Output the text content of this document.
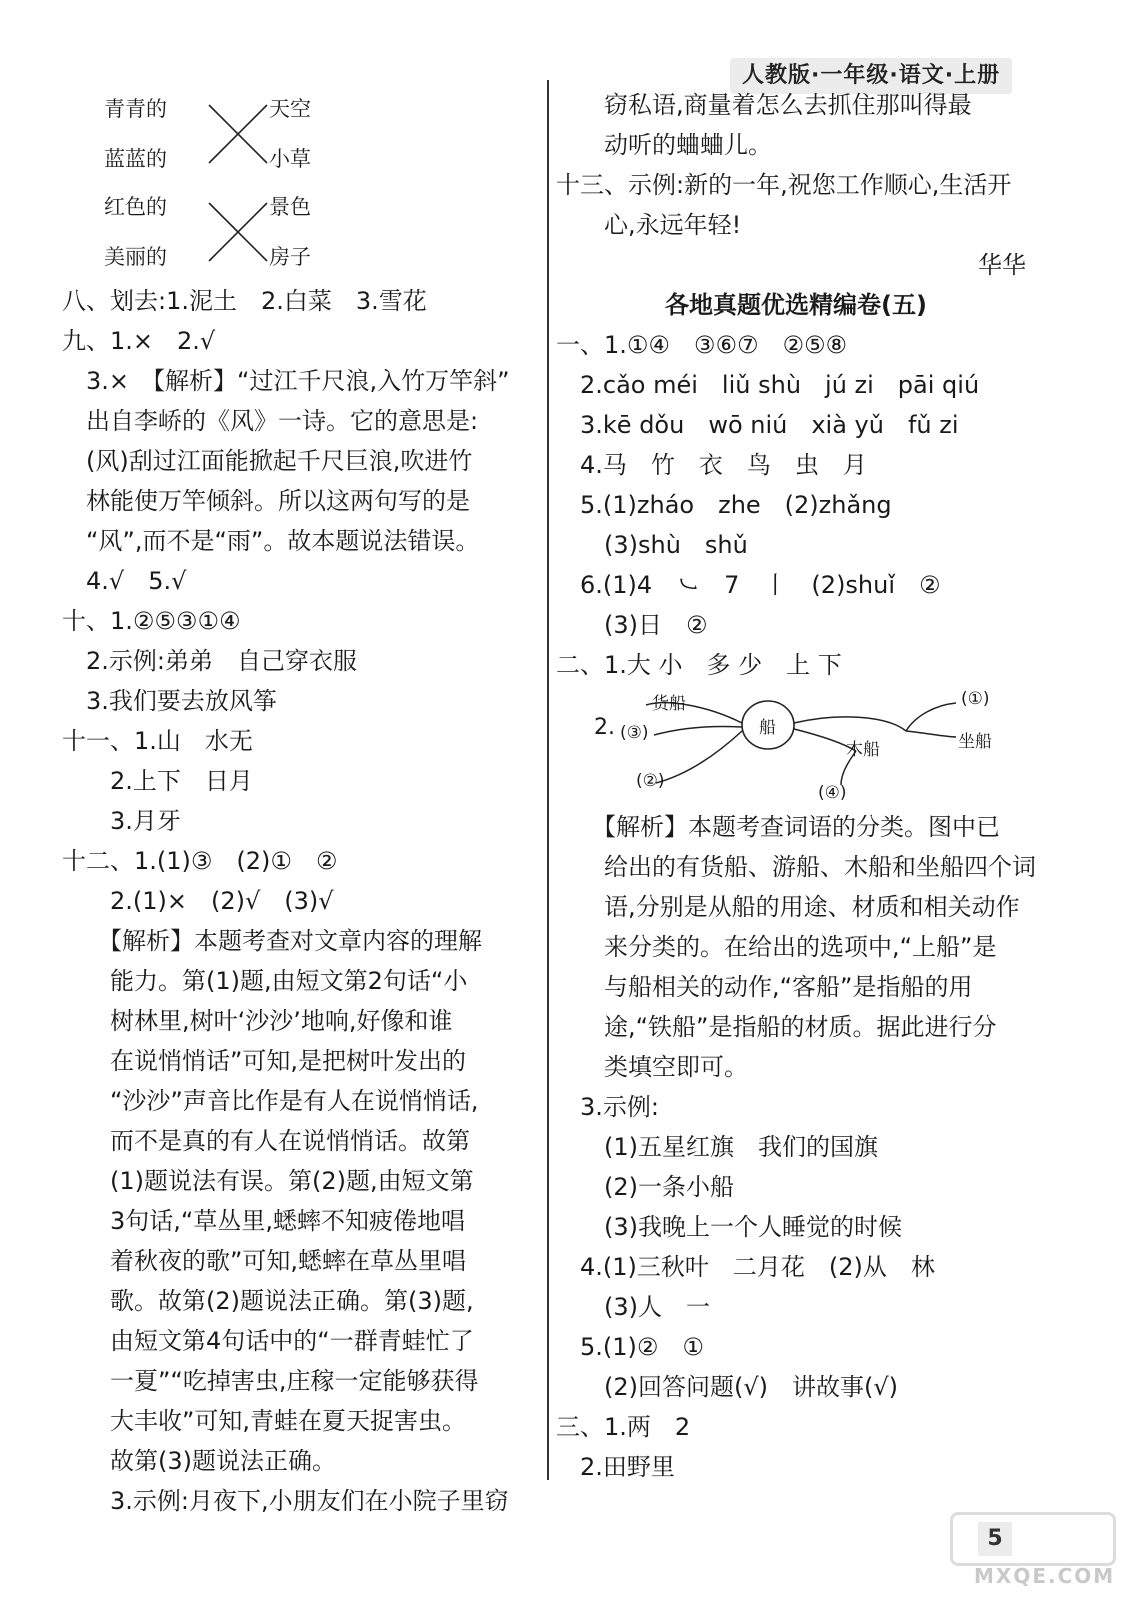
人教版·一年级·语文·上册
青青的
蓝蓝的
天空
小草
红色的
美丽的
景色
房子
八、划去:1.泥土　2.白菜　3.雪花
九、1.×　2.√
　3.×　【解析】“过江千尺浪,入竹万竿斜”
　出自李峤的《风》一诗。它的意思是:
　(风)刮过江面能掀起千尺巨浪,吹进竹
　林能使万竿倾斜。所以这两句写的是
　“风”,而不是“雨”。故本题说法错误。
　4.√　5.√
十、1.②⑤③①④
　2.示例:弟弟　自己穿衣服
　3.我们要去放风筝
十一、1.山　水无
　　2.上下　日月
　　3.月牙
十二、1.(1)③　(2)①　②
　　2.(1)×　(2)√　(3)√
　　【解析】本题考查对文章内容的理解
　　能力。第(1)题,由短文第2句话“小
　　树林里,树叶‘沙沙’地响,好像和谁
　　在说悄悄话”可知,是把树叶发出的
　　“沙沙”声音比作是有人在说悄悄话,
　　而不是真的有人在说悄悄话。故第
　　(1)题说法有误。第(2)题,由短文第
　　3句话,“草丛里,蟋蟀不知疲倦地唱
　　着秋夜的歌”可知,蟋蟀在草丛里唱
　　歌。故第(2)题说法正确。第(3)题,
　　由短文第4句话中的“一群青蛙忙了
　　一夏”“吃掉害虫,庄稼一定能够获得
　　大丰收”可知,青蛙在夏天捉害虫。
　　故第(3)题说法正确。
　　3.示例:月夜下,小朋友们在小院子里窃
　　窃私语,商量着怎么去抓住那叫得最
　　动听的蛐蛐儿。
十三、示例:新的一年,祝您工作顺心,生活开
　　心,永远年轻!
华华
各地真题优选精编卷(五)
一、1.①④　③⑥⑦　②⑤⑧
　2.cǎo méi　liǔ shù　jú zi　pāi qiú
　3.kē dǒu　wō niú　xià yǔ　fǔ zi
　4.马　竹　衣　鸟　虫　月
　5.(1)zháo　zhe　(2)zhǎng
　　(3)shù　shǔ
　6.(1)4　㇃　7　丨　(2)shuǐ　②
　　(3)日　②
二、1.大 小　多 少　上 下
2.	船
货船
(③)
(②)
(①)
坐船
木船
(④)
　　【解析】本题考查词语的分类。图中已
　　给出的有货船、游船、木船和坐船四个词
　　语,分别是从船的用途、材质和相关动作
　　来分类的。在给出的选项中,“上船”是
　　与船相关的动作,“客船”是指船的用
　　途,“铁船”是指船的材质。据此进行分
　　类填空即可。
　3.示例:
　　(1)五星红旗　我们的国旗
　　(2)一条小船
　　(3)我晚上一个人睡觉的时候
　4.(1)三秋叶　二月花　(2)从　林
　　(3)人　一
　5.(1)②　①
　　(2)回答问题(√)　讲故事(√)
三、1.两　2
　2.田野里
MXQE.COM
5
